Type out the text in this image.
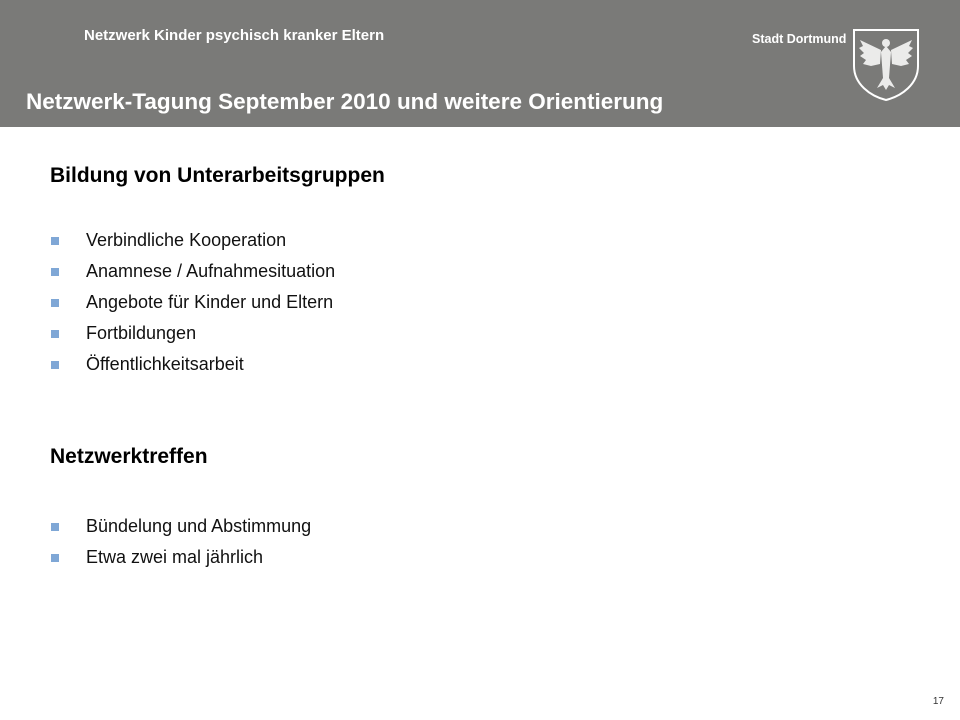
Netzwerk Kinder psychisch kranker Eltern
Netzwerk-Tagung September 2010 und weitere Orientierung
Stadt Dortmund
Bildung von Unterarbeitsgruppen
Verbindliche Kooperation
Anamnese / Aufnahmesituation
Angebote für Kinder und Eltern
Fortbildungen
Öffentlichkeitsarbeit
Netzwerktreffen
Bündelung und Abstimmung
Etwa zwei mal jährlich
17
